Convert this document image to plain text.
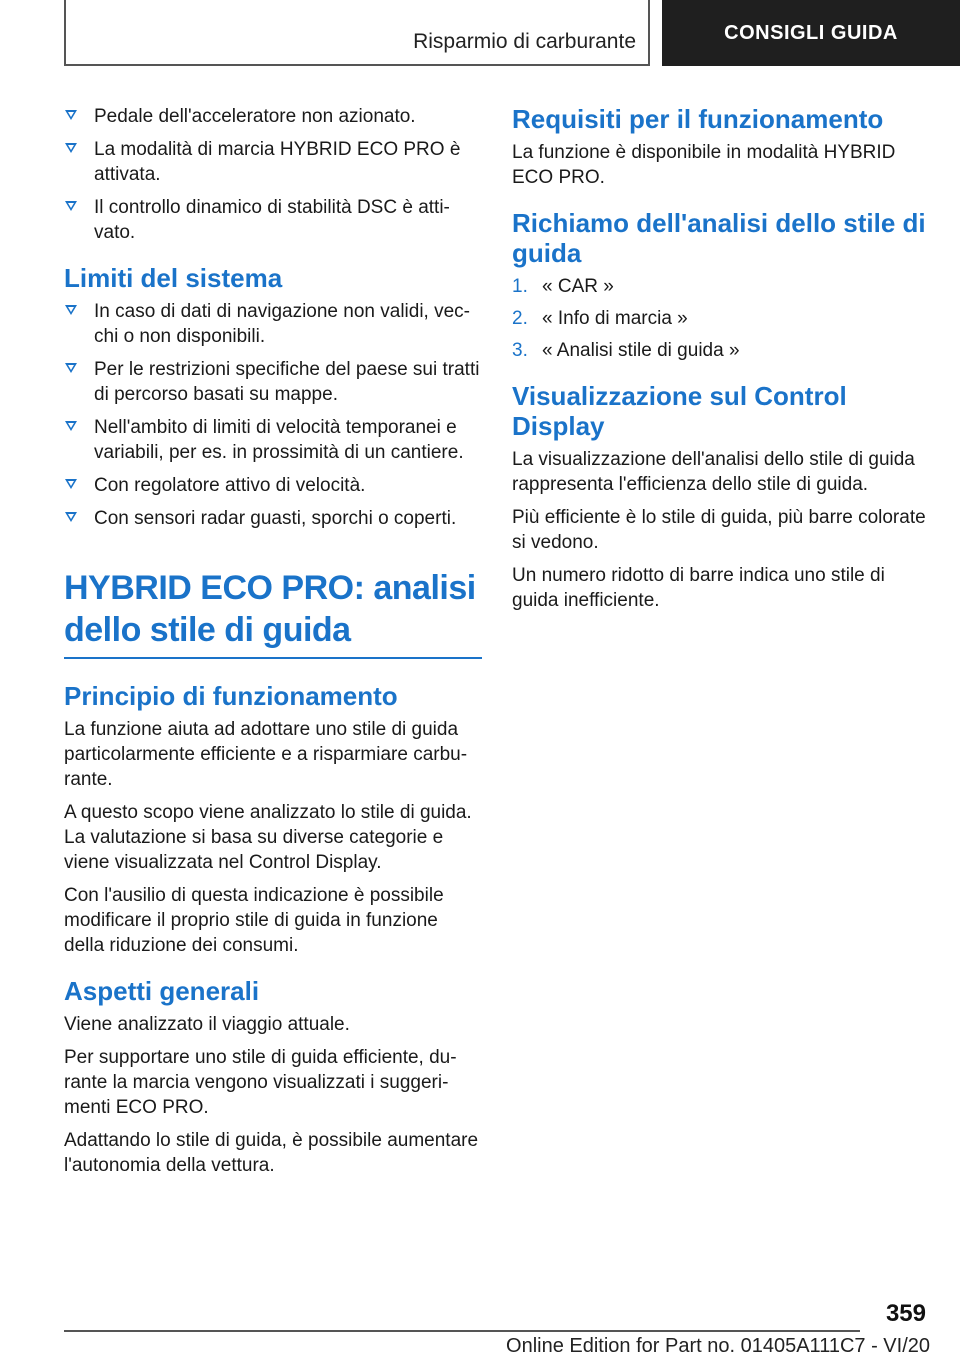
Risparmio di carburante	CONSIGLI GUIDA
Pedale dell'acceleratore non azionato.
La modalità di marcia HYBRID ECO PRO è attivata.
Il controllo dinamico di stabilità DSC è atti-vato.
Limiti del sistema
In caso di dati di navigazione non validi, vec-chi o non disponibili.
Per le restrizioni specifiche del paese sui tratti di percorso basati su mappe.
Nell'ambito di limiti di velocità temporanei e variabili, per es. in prossimità di un cantiere.
Con regolatore attivo di velocità.
Con sensori radar guasti, sporchi o coperti.
HYBRID ECO PRO: analisi dello stile di guida
Principio di funzionamento

La funzione aiuta ad adottare uno stile di guida particolarmente efficiente e a risparmiare carbu-rante.

A questo scopo viene analizzato lo stile di guida. La valutazione si basa su diverse categorie e viene visualizzata nel Control Display.

Con l'ausilio di questa indicazione è possibile modificare il proprio stile di guida in funzione della riduzione dei consumi.

Aspetti generali

Viene analizzato il viaggio attuale.

Per supportare uno stile di guida efficiente, du-rante la marcia vengono visualizzati i suggeri-menti ECO PRO.

Adattando lo stile di guida, è possibile aumentare l'autonomia della vettura.

Requisiti per il funzionamento

La funzione è disponibile in modalità HYBRID ECO PRO.

Richiamo dell'analisi dello stile di guida
1. « CAR »
2. « Info di marcia »
3. « Analisi stile di guida »
Visualizzazione sul Control Display

La visualizzazione dell'analisi dello stile di guida rappresenta l'efficienza dello stile di guida.

Più efficiente è lo stile di guida, più barre colorate si vedono.

Un numero ridotto di barre indica uno stile di guida inefficiente.

359
Online Edition for Part no. 01405A111C7 - VI/20
